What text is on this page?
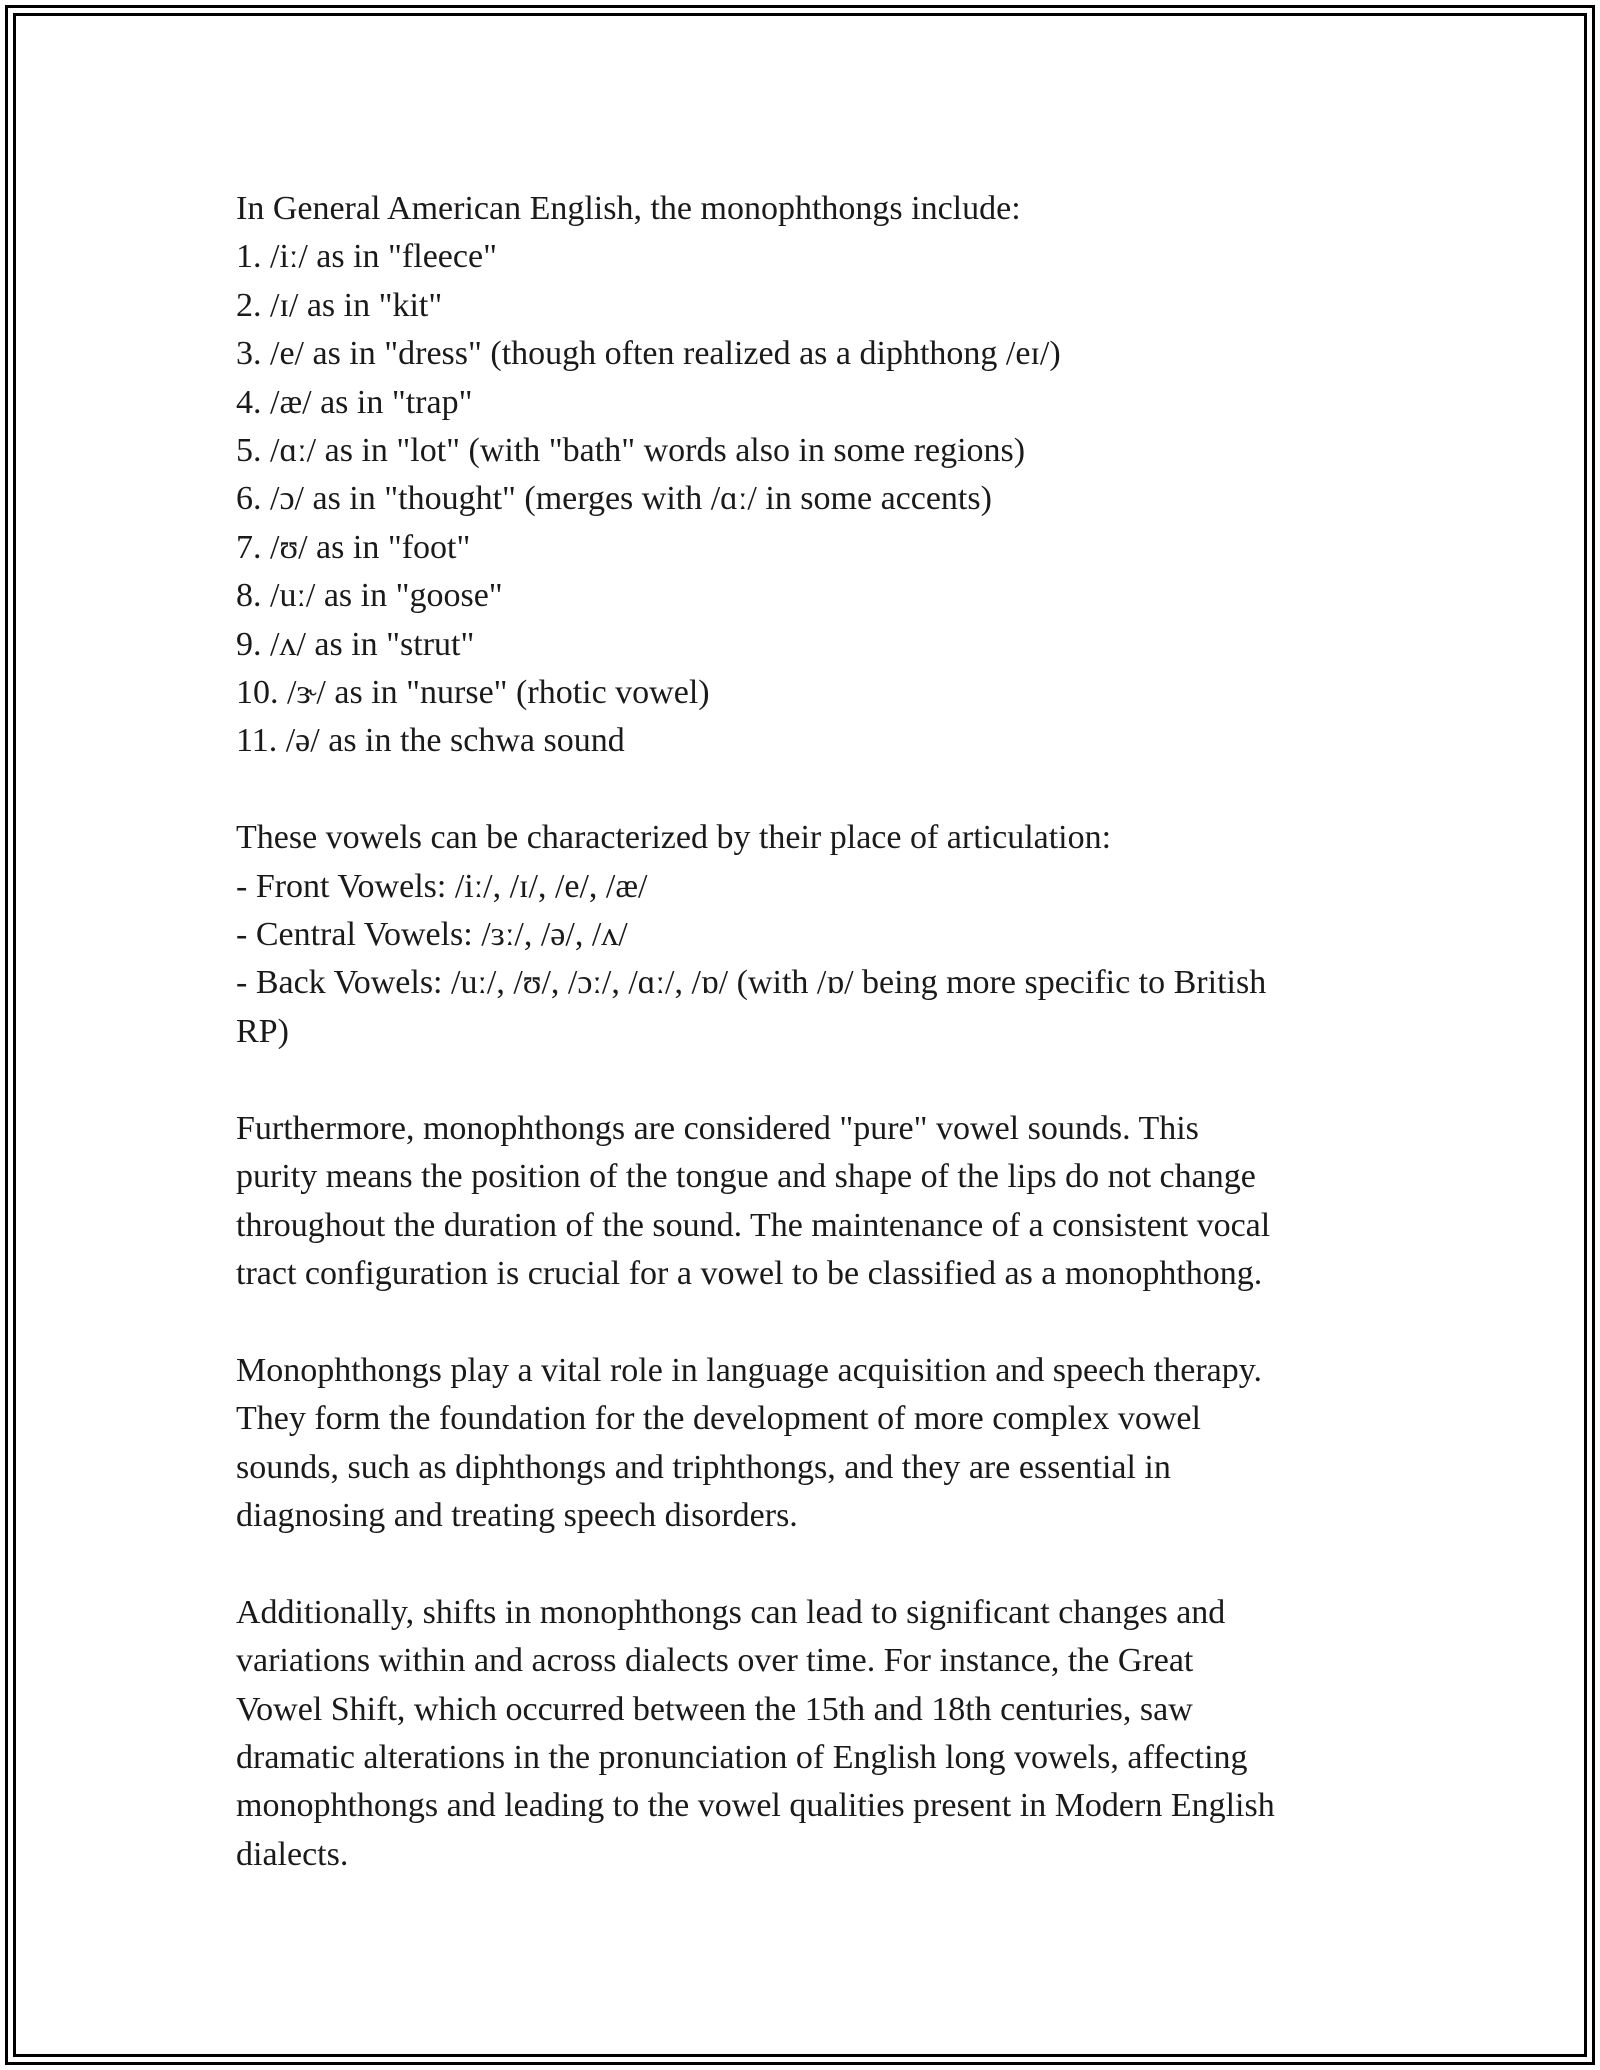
In General American English, the monophthongs include:
1. /iː/ as in "fleece"
2. /ɪ/ as in "kit"
3. /e/ as in "dress" (though often realized as a diphthong /eɪ/)
4. /æ/ as in "trap"
5. /ɑː/ as in "lot" (with "bath" words also in some regions)
6. /ɔ/ as in "thought" (merges with /ɑː/ in some accents)
7. /ʊ/ as in "foot"
8. /uː/ as in "goose"
9. /ʌ/ as in "strut"
10. /ɝ/ as in "nurse" (rhotic vowel)
11. /ə/ as in the schwa sound
These vowels can be characterized by their place of articulation:
- Front Vowels: /iː/, /ɪ/, /e/, /æ/
- Central Vowels: /ɜː/, /ə/, /ʌ/
- Back Vowels: /uː/, /ʊ/, /ɔː/, /ɑː/, /ɒ/ (with /ɒ/ being more specific to British
RP)
Furthermore, monophthongs are considered "pure" vowel sounds. This
purity means the position of the tongue and shape of the lips do not change
throughout the duration of the sound. The maintenance of a consistent vocal
tract configuration is crucial for a vowel to be classified as a monophthong.
Monophthongs play a vital role in language acquisition and speech therapy.
They form the foundation for the development of more complex vowel
sounds, such as diphthongs and triphthongs, and they are essential in
diagnosing and treating speech disorders.
Additionally, shifts in monophthongs can lead to significant changes and
variations within and across dialects over time. For instance, the Great
Vowel Shift, which occurred between the 15th and 18th centuries, saw
dramatic alterations in the pronunciation of English long vowels, affecting
monophthongs and leading to the vowel qualities present in Modern English
dialects.
